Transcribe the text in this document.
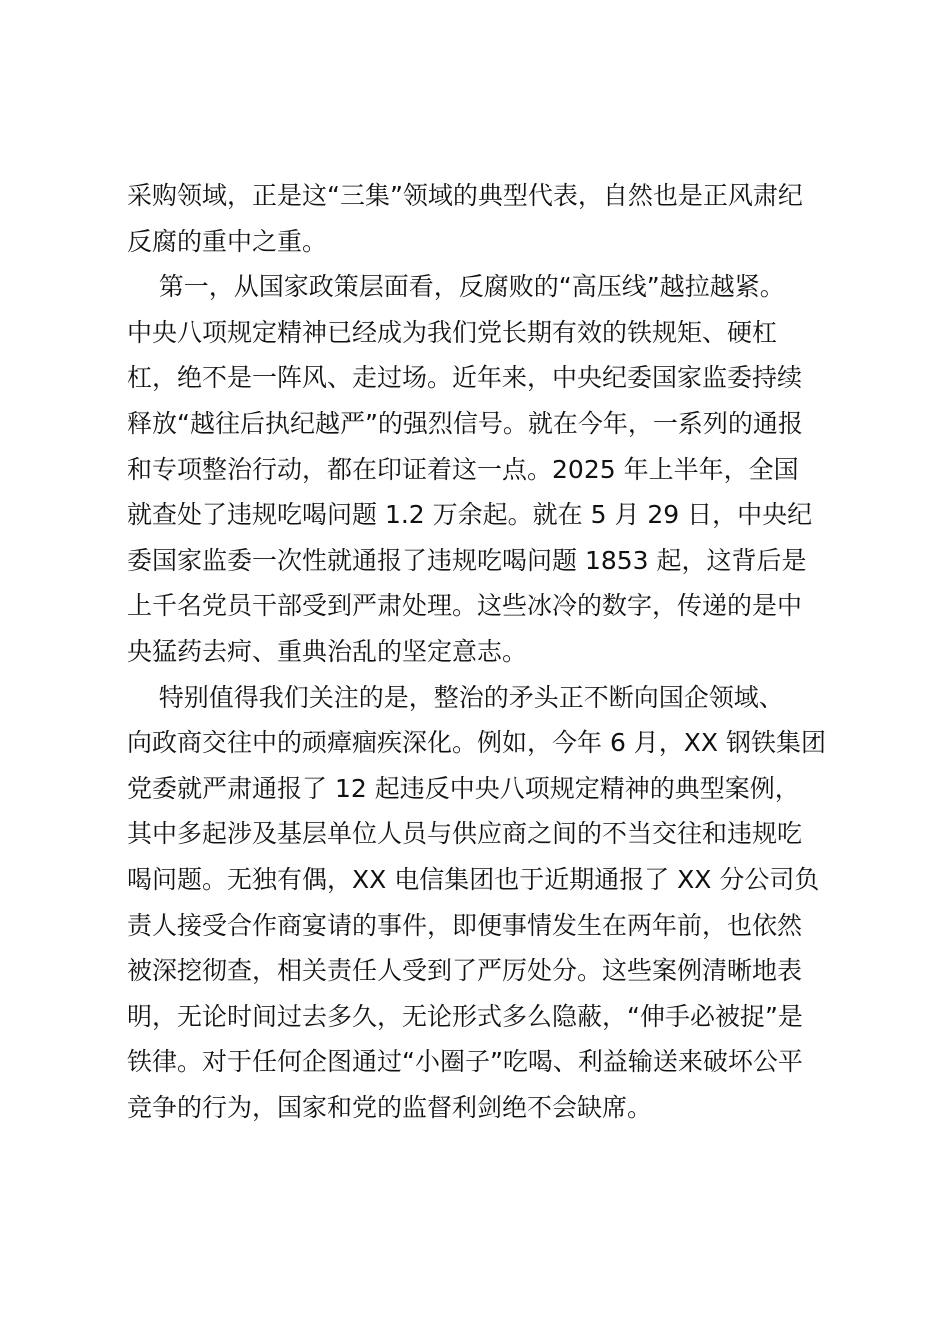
采购领域，正是这“三集”领域的典型代表，自然也是正风肃纪
反腐的重中之重。
第一，从国家政策层面看，反腐败的“高压线”越拉越紧。
中央八项规定精神已经成为我们党长期有效的铁规矩、硬杠
杠，绝不是一阵风、走过场。近年来，中央纪委国家监委持续
释放“越往后执纪越严”的强烈信号。就在今年，一系列的通报
和专项整治行动，都在印证着这一点。2025 年上半年，全国
就查处了违规吃喝问题 1.2 万余起。就在 5 月 29 日，中央纪
委国家监委一次性就通报了违规吃喝问题 1853 起，这背后是
上千名党员干部受到严肃处理。这些冰冷的数字，传递的是中
央猛药去疴、重典治乱的坚定意志。
特别值得我们关注的是，整治的矛头正不断向国企领域、
向政商交往中的顽瘴痼疾深化。例如，今年 6 月，XX 钢铁集团
党委就严肃通报了 12 起违反中央八项规定精神的典型案例，
其中多起涉及基层单位人员与供应商之间的不当交往和违规吃
喝问题。无独有偶，XX 电信集团也于近期通报了 XX 分公司负
责人接受合作商宴请的事件，即便事情发生在两年前，也依然
被深挖彻查，相关责任人受到了严厉处分。这些案例清晰地表
明，无论时间过去多久，无论形式多么隐蔽，“伸手必被捉”是
铁律。对于任何企图通过“小圈子”吃喝、利益输送来破坏公平
竞争的行为，国家和党的监督利剑绝不会缺席。
